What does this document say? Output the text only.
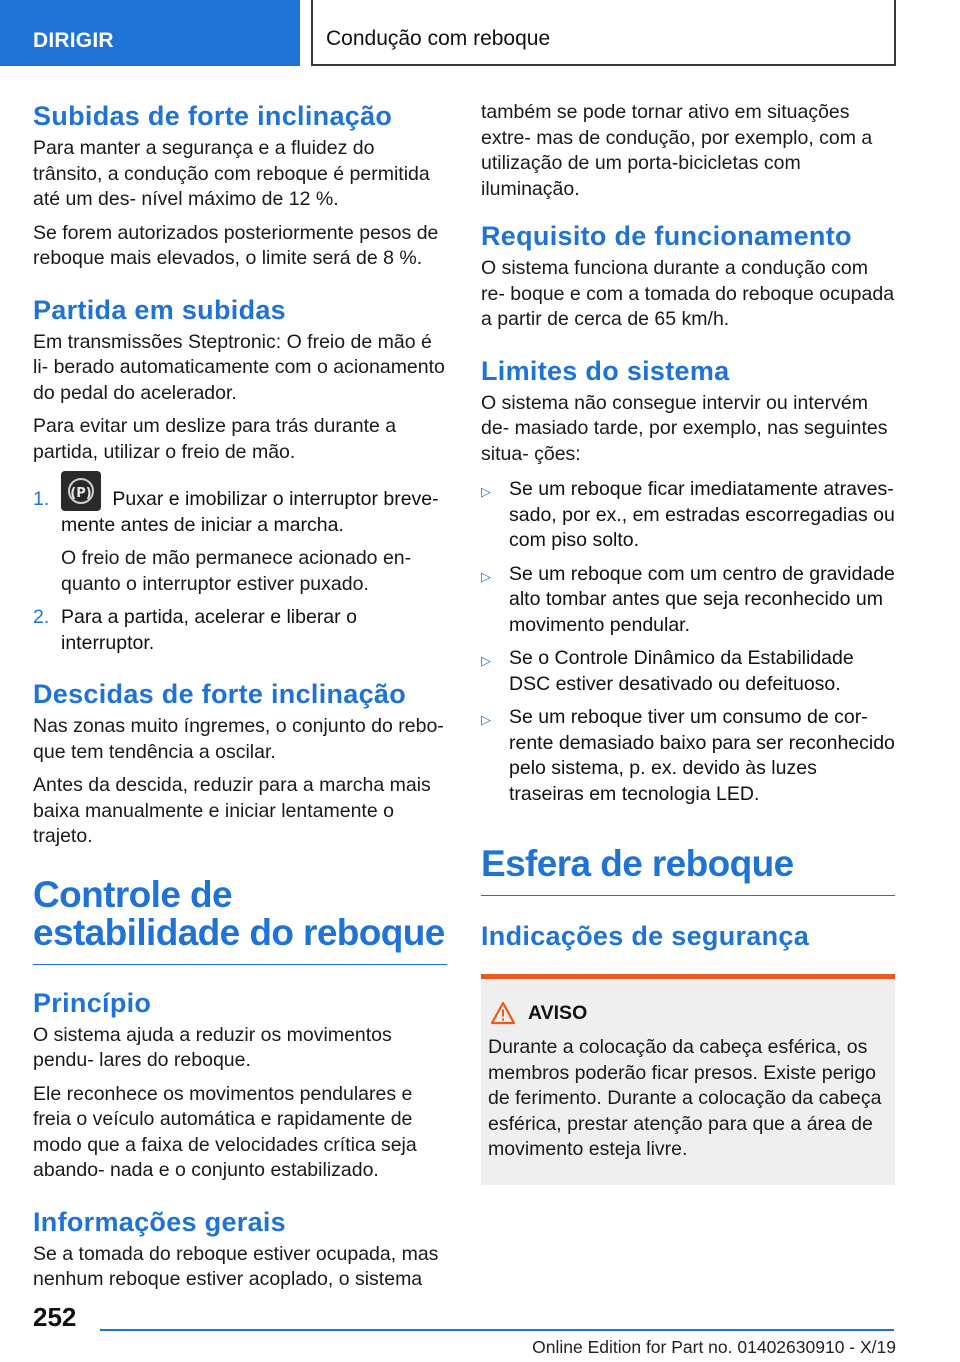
DIRIGIR	Condução com reboque
Subidas de forte inclinação

Para manter a segurança e a fluidez do trânsito, a condução com reboque é permitida até um des‐ nível máximo de 12 %.

Se forem autorizados posteriormente pesos de reboque mais elevados, o limite será de 8 %.

Partida em subidas

Em transmissões Steptronic: O freio de mão é li‐ berado automaticamente com o acionamento do pedal do acelerador.

Para evitar um deslize para trás durante a partida, utilizar o freio de mão.

1. (P) Puxar e imobilizar o interruptor breve‐ mente antes de iniciar a marcha.

O freio de mão permanece acionado en‐ quanto o interruptor estiver puxado.

2. Para a partida, acelerar e liberar o interruptor.
Descidas de forte inclinação

Nas zonas muito íngremes, o conjunto do rebo‐ que tem tendência a oscilar.

Antes da descida, reduzir para a marcha mais baixa manualmente e iniciar lentamente o trajeto.

Controle de estabilidade do reboque
Princípio

O sistema ajuda a reduzir os movimentos pendu‐ lares do reboque.

Ele reconhece os movimentos pendulares e freia o veículo automática e rapidamente de modo que a faixa de velocidades crítica seja abando‐ nada e o conjunto estabilizado.

Informações gerais

Se a tomada do reboque estiver ocupada, mas nenhum reboque estiver acoplado, o sistema

também se pode tornar ativo em situações extre‐ mas de condução, por exemplo, com a utilização de um porta-bicicletas com iluminação.

Requisito de funcionamento

O sistema funciona durante a condução com re‐ boque e com a tomada do reboque ocupada a partir de cerca de 65 km/h.

Limites do sistema

O sistema não consegue intervir ou intervém de‐ masiado tarde, por exemplo, nas seguintes situa‐ ções:

▷ Se um reboque ficar imediatamente atraves‐ sado, por ex., em estradas escorregadias ou com piso solto.
▷ Se um reboque com um centro de gravidade alto tombar antes que seja reconhecido um movimento pendular.
▷ Se o Controle Dinâmico da Estabilidade DSC estiver desativado ou defeituoso.
▷ Se um reboque tiver um consumo de cor‐ rente demasiado baixo para ser reconhecido pelo sistema, p. ex. devido às luzes traseiras em tecnologia LED.
Esfera de reboque
Indicações de segurança
AVISO

Durante a colocação da cabeça esférica, os membros poderão ficar presos. Existe perigo de ferimento. Durante a colocação da cabeça esférica, prestar atenção para que a área de movimento esteja livre.

252
Online Edition for Part no. 01402630910 - X/19
